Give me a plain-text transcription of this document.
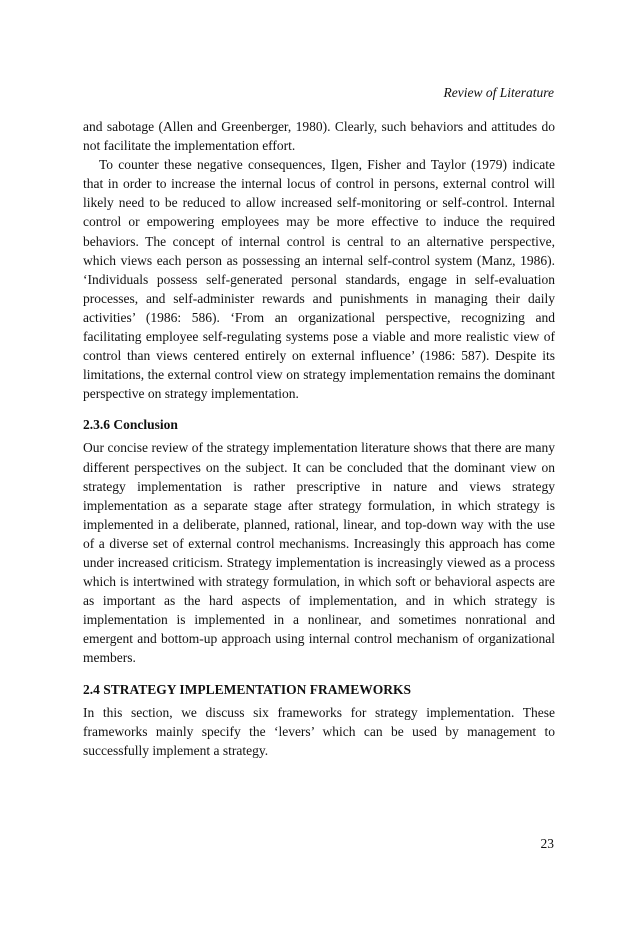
Review of Literature

and sabotage (Allen and Greenberger, 1980). Clearly, such behaviors and attitudes do not facilitate the implementation effort.

To counter these negative consequences, Ilgen, Fisher and Taylor (1979) indicate that in order to increase the internal locus of control in persons, external control will likely need to be reduced to allow increased self-monitoring or self-control. Internal control or empowering employees may be more effective to induce the required behaviors. The concept of internal control is central to an alternative perspective, which views each person as possessing an internal self-control system (Manz, 1986). ‘Individuals possess self-generated personal standards, engage in self-evaluation processes, and self-administer rewards and punishments in managing their daily activities’ (1986: 586). ‘From an organizational perspective, recognizing and facilitating employee self-regulating systems pose a viable and more realistic view of control than views centered entirely on external influence’ (1986: 587). Despite its limitations, the external control view on strategy implementation remains the dominant perspective on strategy implementation.

2.3.6 Conclusion

Our concise review of the strategy implementation literature shows that there are many different perspectives on the subject. It can be concluded that the dominant view on strategy implementation is rather prescriptive in nature and views strategy implementation as a separate stage after strategy formulation, in which strategy is implemented in a deliberate, planned, rational, linear, and top-down way with the use of a diverse set of external control mechanisms. Increasingly this approach has come under increased criticism. Strategy implementation is increasingly viewed as a process which is intertwined with strategy formulation, in which soft or behavioral aspects are as important as the hard aspects of implementation, and in which strategy is implementation is implemented in a nonlinear, and sometimes nonrational and emergent and bottom-up approach using internal control mechanism of organizational members.

2.4 STRATEGY IMPLEMENTATION FRAMEWORKS

In this section, we discuss six frameworks for strategy implementation. These frameworks mainly specify the ‘levers’ which can be used by management to successfully implement a strategy.

23
